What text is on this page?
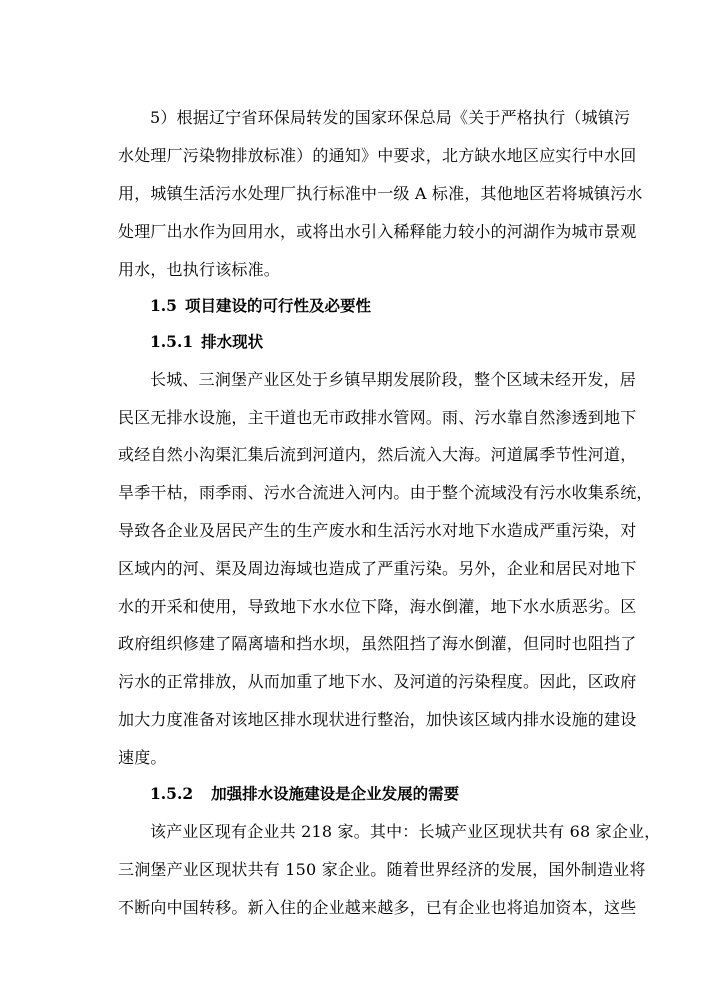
5）根据辽宁省环保局转发的国家环保总局《关于严格执行（城镇污
水处理厂污染物排放标准）的通知》中要求，北方缺水地区应实行中水回
用，城镇生活污水处理厂执行标准中一级 A 标准，其他地区若将城镇污水
处理厂出水作为回用水，或将出水引入稀释能力较小的河湖作为城市景观
用水，也执行该标准。
1.5 项目建设的可行性及必要性
1.5.1 排水现状
长城、三涧堡产业区处于乡镇早期发展阶段，整个区域未经开发，居
民区无排水设施，主干道也无市政排水管网。雨、污水靠自然渗透到地下
或经自然小沟渠汇集后流到河道内，然后流入大海。河道属季节性河道，
旱季干枯，雨季雨、污水合流进入河内。由于整个流域没有污水收集系统，
导致各企业及居民产生的生产废水和生活污水对地下水造成严重污染，对
区域内的河、渠及周边海域也造成了严重污染。另外，企业和居民对地下
水的开采和使用，导致地下水水位下降，海水倒灌，地下水水质恶劣。区
政府组织修建了隔离墙和挡水坝，虽然阻挡了海水倒灌，但同时也阻挡了
污水的正常排放，从而加重了地下水、及河道的污染程度。因此，区政府
加大力度准备对该地区排水现状进行整治，加快该区域内排水设施的建设
速度。
1.5.2 加强排水设施建设是企业发展的需要
该产业区现有企业共 218 家。其中：长城产业区现状共有 68 家企业，
三涧堡产业区现状共有 150 家企业。随着世界经济的发展，国外制造业将
不断向中国转移。新入住的企业越来越多，已有企业也将追加资本，这些
